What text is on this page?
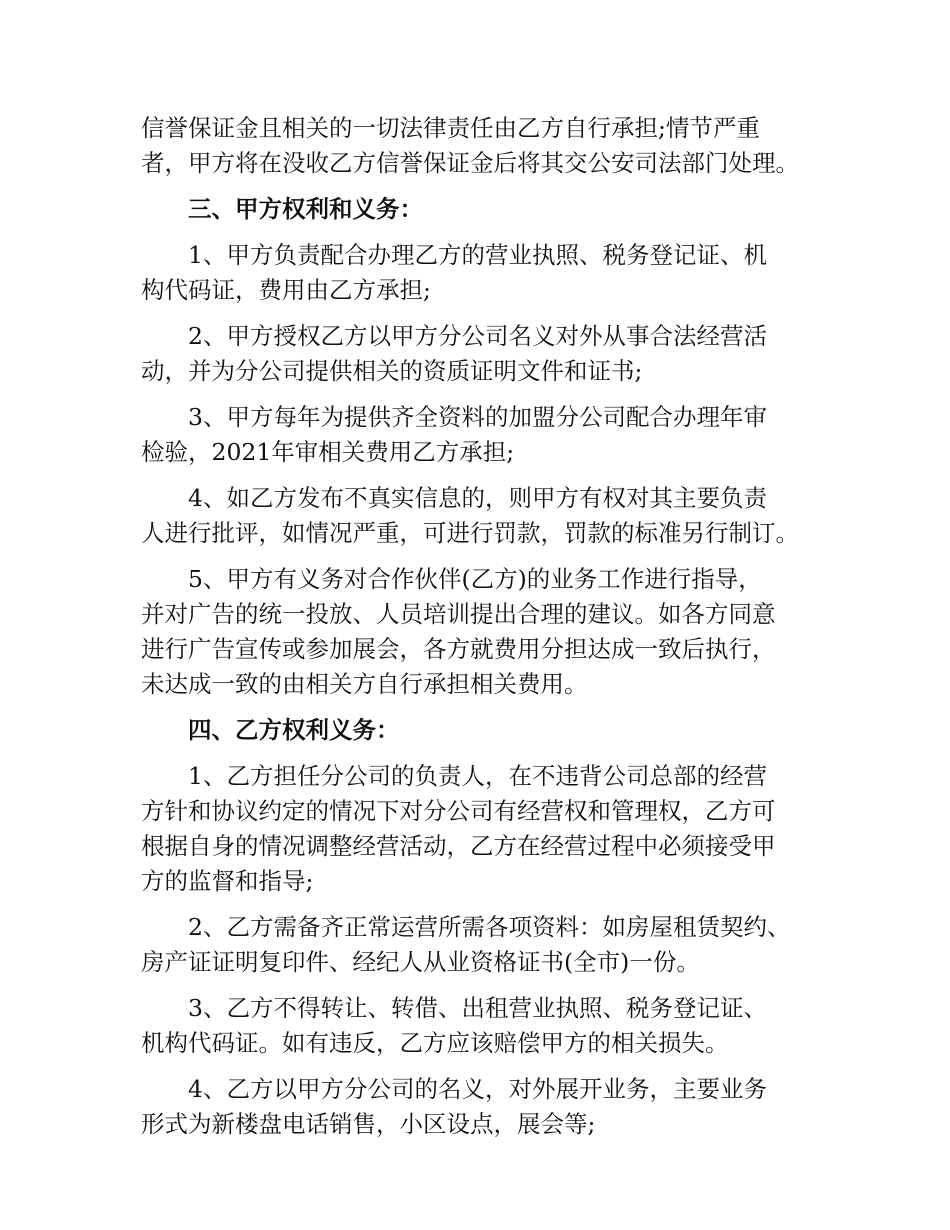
信誉保证金且相关的一切法律责任由乙方自行承担;情节严重
者，甲方将在没收乙方信誉保证金后将其交公安司法部门处理。
三、甲方权利和义务：
1、甲方负责配合办理乙方的营业执照、税务登记证、机
构代码证，费用由乙方承担;
2、甲方授权乙方以甲方分公司名义对外从事合法经营活
动，并为分公司提供相关的资质证明文件和证书;
3、甲方每年为提供齐全资料的加盟分公司配合办理年审
检验，2021年审相关费用乙方承担;
4、如乙方发布不真实信息的，则甲方有权对其主要负责
人进行批评，如情况严重，可进行罚款，罚款的标准另行制订。
5、甲方有义务对合作伙伴(乙方)的业务工作进行指导，
并对广告的统一投放、人员培训提出合理的建议。如各方同意
进行广告宣传或参加展会，各方就费用分担达成一致后执行，
未达成一致的由相关方自行承担相关费用。
四、乙方权利义务：
1、乙方担任分公司的负责人，在不违背公司总部的经营
方针和协议约定的情况下对分公司有经营权和管理权，乙方可
根据自身的情况调整经营活动，乙方在经营过程中必须接受甲
方的监督和指导;
2、乙方需备齐正常运营所需各项资料：如房屋租赁契约、
房产证证明复印件、经纪人从业资格证书(全市)一份。
3、乙方不得转让、转借、出租营业执照、税务登记证、
机构代码证。如有违反，乙方应该赔偿甲方的相关损失。
4、乙方以甲方分公司的名义，对外展开业务，主要业务
形式为新楼盘电话销售，小区设点，展会等;
